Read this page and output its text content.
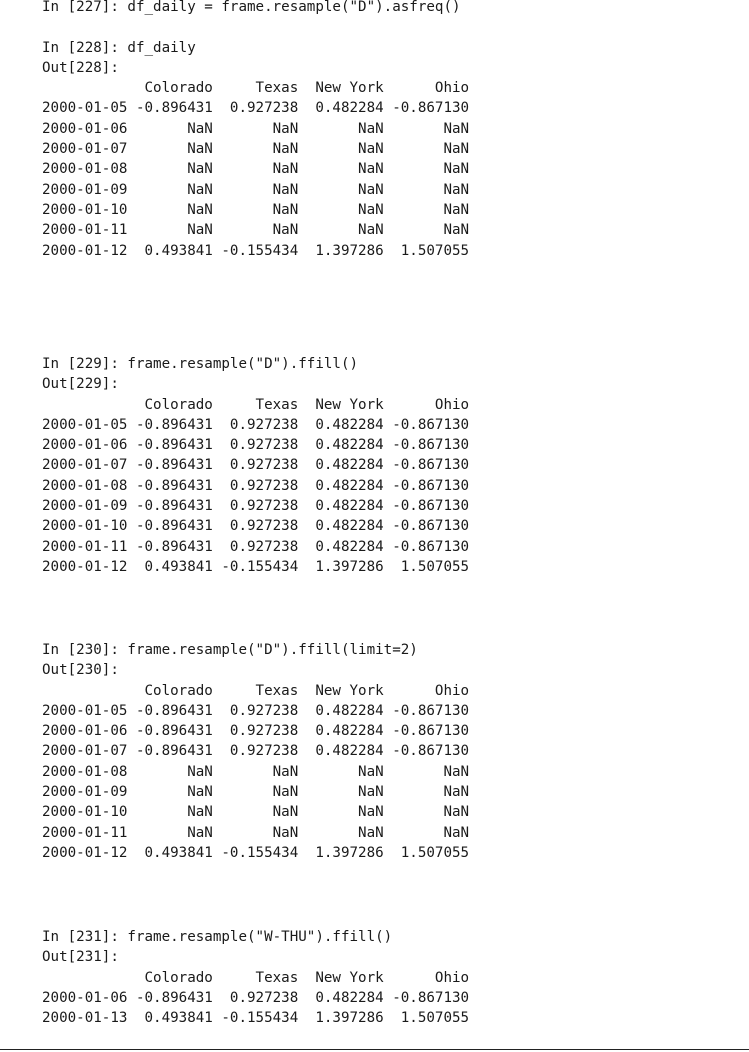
In [227]: df_daily = frame.resample("D").asfreq()
In [228]: df_daily
Out[228]:
Colorado     Texas  New York      Ohio
2000-01-05 -0.896431  0.927238  0.482284 -0.867130
2000-01-06       NaN       NaN       NaN       NaN
2000-01-07       NaN       NaN       NaN       NaN
2000-01-08       NaN       NaN       NaN       NaN
2000-01-09       NaN       NaN       NaN       NaN
2000-01-10       NaN       NaN       NaN       NaN
2000-01-11       NaN       NaN       NaN       NaN
2000-01-12  0.493841 -0.155434  1.397286  1.507055
In [229]: frame.resample("D").ffill()
Out[229]:
Colorado     Texas  New York      Ohio
2000-01-05 -0.896431  0.927238  0.482284 -0.867130
2000-01-06 -0.896431  0.927238  0.482284 -0.867130
2000-01-07 -0.896431  0.927238  0.482284 -0.867130
2000-01-08 -0.896431  0.927238  0.482284 -0.867130
2000-01-09 -0.896431  0.927238  0.482284 -0.867130
2000-01-10 -0.896431  0.927238  0.482284 -0.867130
2000-01-11 -0.896431  0.927238  0.482284 -0.867130
2000-01-12  0.493841 -0.155434  1.397286  1.507055
In [230]: frame.resample("D").ffill(limit=2)
Out[230]:
Colorado     Texas  New York      Ohio
2000-01-05 -0.896431  0.927238  0.482284 -0.867130
2000-01-06 -0.896431  0.927238  0.482284 -0.867130
2000-01-07 -0.896431  0.927238  0.482284 -0.867130
2000-01-08       NaN       NaN       NaN       NaN
2000-01-09       NaN       NaN       NaN       NaN
2000-01-10       NaN       NaN       NaN       NaN
2000-01-11       NaN       NaN       NaN       NaN
2000-01-12  0.493841 -0.155434  1.397286  1.507055
In [231]: frame.resample("W-THU").ffill()
Out[231]:
Colorado     Texas  New York      Ohio
2000-01-06 -0.896431  0.927238  0.482284 -0.867130
2000-01-13  0.493841 -0.155434  1.397286  1.507055
